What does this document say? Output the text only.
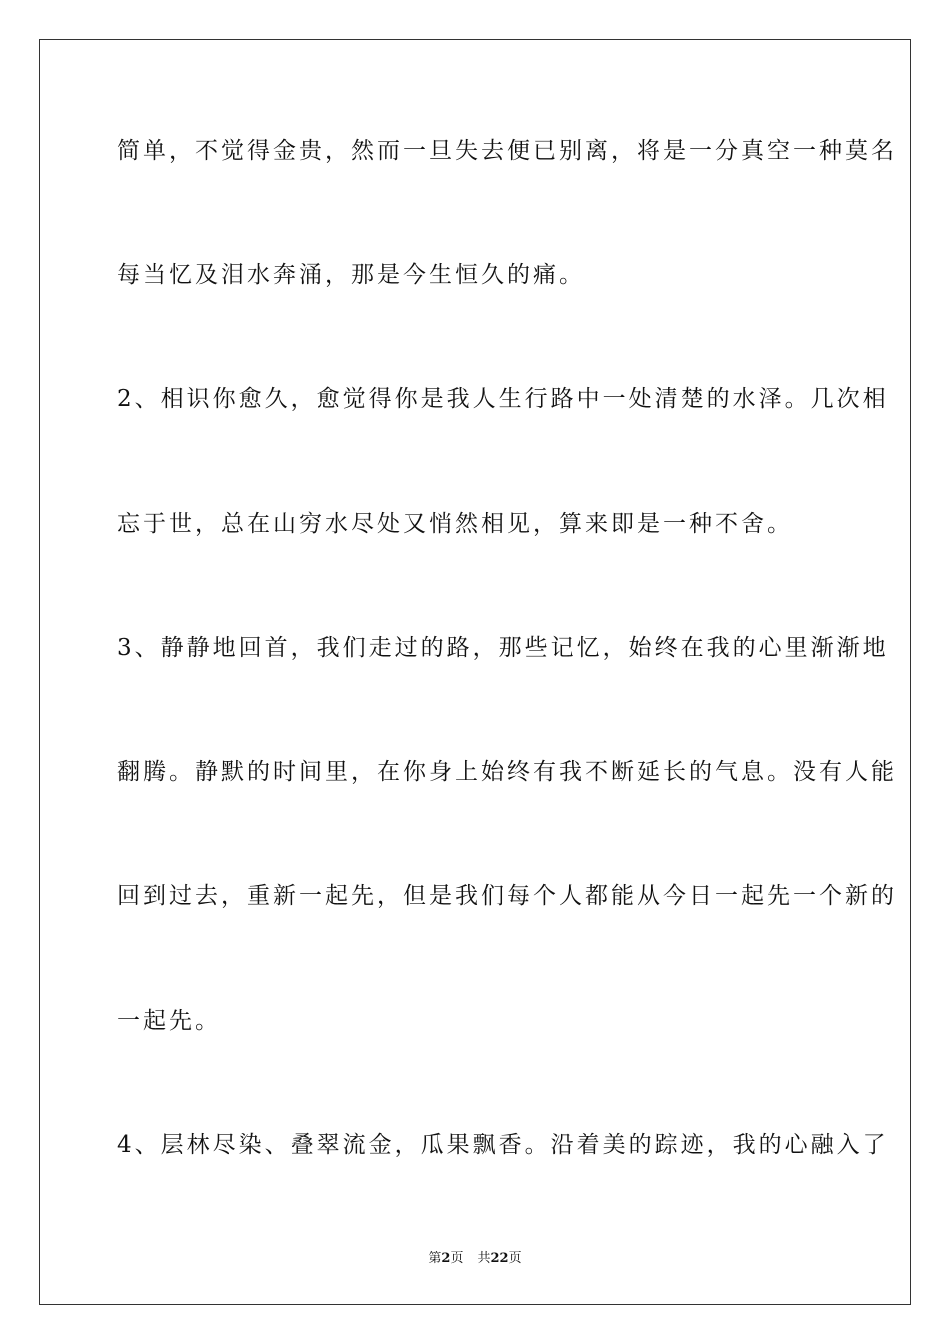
简单，不觉得金贵，然而一旦失去便已别离，将是一分真空一种莫名

每当忆及泪水奔涌，那是今生恒久的痛。

2、相识你愈久，愈觉得你是我人生行路中一处清楚的水泽。几次相

忘于世，总在山穷水尽处又悄然相见，算来即是一种不舍。

3、静静地回首，我们走过的路，那些记忆，始终在我的心里渐渐地

翻腾。静默的时间里，在你身上始终有我不断延长的气息。没有人能

回到过去，重新一起先，但是我们每个人都能从今日一起先一个新的

一起先。

4、层林尽染、叠翠流金，瓜果飘香。沿着美的踪迹，我的心融入了

第2页 共22页
